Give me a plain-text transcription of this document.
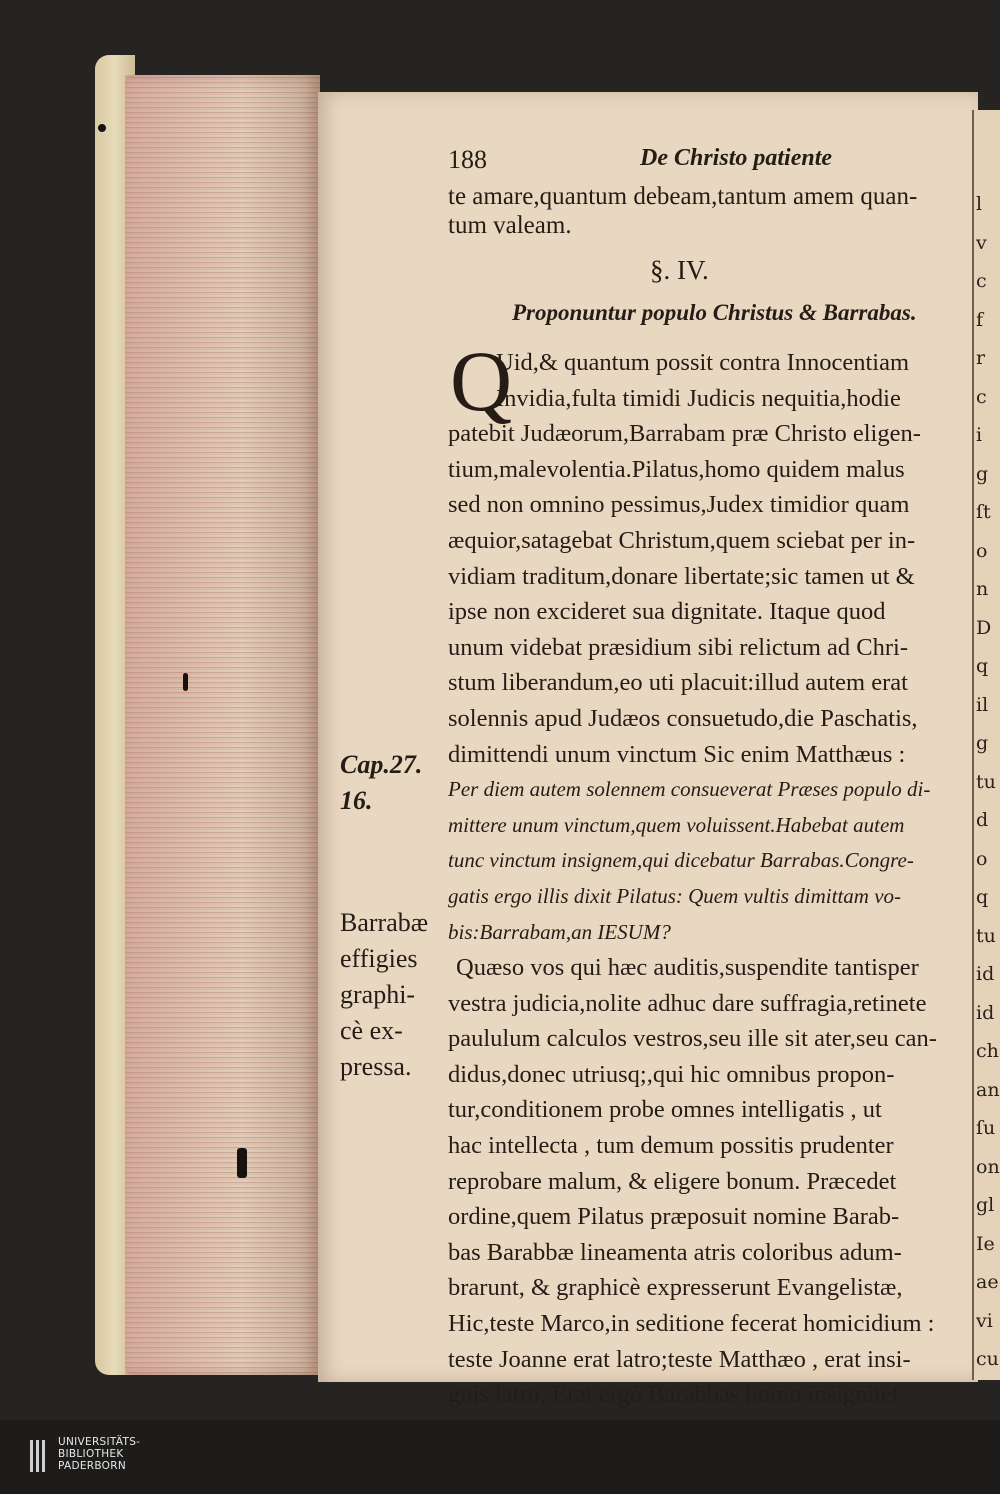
188	De Christo patiente
te amare,quantum debeam,tantum amem quan-
tum valeam.
§. IV.
Proponuntur populo Christus & Barrabas.
Q
Uid,& quantum possit contra Innocentiam
Invidia,fulta timidi Judicis nequitia,hodie
patebit Judæorum,Barrabam præ Christo eligen-
tium,malevolentia.Pilatus,homo quidem malus
sed non omnino pessimus,Judex timidior quam
æquior,satagebat Christum,quem sciebat per in-
vidiam traditum,donare libertate;sic tamen ut &
ipse non excideret sua dignitate. Itaque quod
unum videbat præsidium sibi relictum ad Chri-
stum liberandum,eo uti placuit:illud autem erat
solennis apud Judæos consuetudo,die Paschatis,
dimittendi unum vinctum Sic enim Matthæus :
Per diem autem solennem consueverat Præses populo di-
mittere unum vinctum,quem voluissent.Habebat autem
tunc vinctum insignem,qui dicebatur Barrabas.Congre-
gatis ergo illis dixit Pilatus: Quem vultis dimittam vo-
bis:Barrabam,an IESUM?
Quæso vos qui hæc auditis,suspendite tantisper
vestra judicia,nolite adhuc dare suffragia,retinete
paululum calculos vestros,seu ille sit ater,seu can-
didus,donec utriusq;,qui hic omnibus propon-
tur,conditionem probe omnes intelligatis , ut
hac intellecta , tum demum possitis prudenter
reprobare malum, & eligere bonum. Præcedet
ordine,quem Pilatus præposuit nomine Barab-
bas Barabbæ lineamenta atris coloribus adum-
brarunt, & graphicè expresserunt Evangelistæ,
Hic,teste Marco,in seditione fecerat homicidium :
teste Joanne erat latro;teste Matthæo , erat insi-
gnis latro, Erat ergò Barabbas homo insignitet
Cap.27.
16.
Barrabæ
effigies
graphi-
cè ex-
pressa.
l
v
c
f
r
c
i
g
ſt
o
n
D
q
il
g
tu
d
o
q
tu
id
id
ch
an
ſu
on
gl
Ie
ae
vi
cu
no
UNIVERSITÄTS-
BIBLIOTHEK
PADERBORN
